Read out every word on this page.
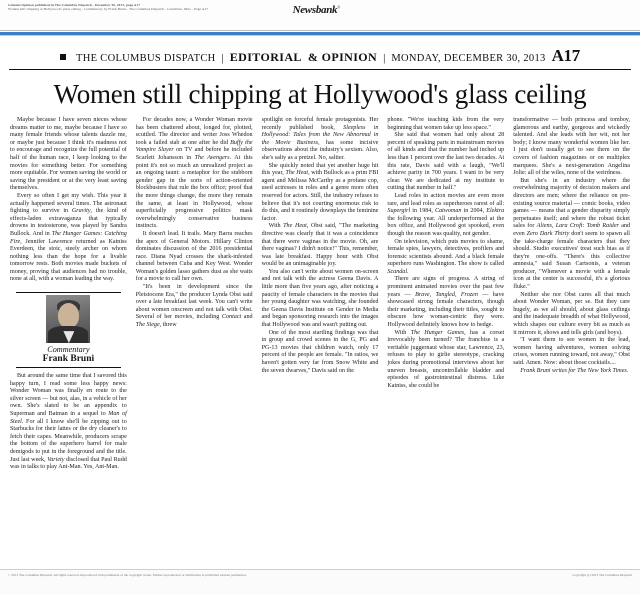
Column/Opinion published in The Columbus Dispatch - December 30, 2013, page A17
Women still chipping at Hollywood's glass ceiling - Commentary by Frank Bruni - The Columbus Dispatch - Columbus, Ohio - Page A17	Newsbank®
THE COLUMBUS DISPATCH | EDITORIAL & OPINION | MONDAY, DECEMBER 30, 2013 A17
Women still chipping at Hollywood's glass ceiling

Maybe because I have seven nieces whose dreams matter to me, maybe because I have so many female friends whose talents dazzle me, or maybe just because I think it's madness not to encourage and recognize the full potential of half of the human race, I keep looking to the movies for something better. For something more equitable. For women saving the world or saving the president or at the very least saving themselves.

Every so often I get my wish. This year it actually happened several times. The astronaut fighting to survive in Gravity, the kind of effects-laden extravaganza that typically drowns in testosterone, was played by Sandra Bullock. And in The Hunger Games: Catching Fire, Jennifer Lawrence returned as Katniss Everdeen, the stoic, steely archer on whom nothing less than the hope for a livable tomorrow rests. Both movies made buckets of money, proving that audiences had no trouble, none at all, with a woman leading the way.

Commentary
Frank Bruni

But around the same time that I savored this happy turn, I read some less happy news: Wonder Woman was finally en route to the silver screen — but not, alas, in a vehicle of her own. She's slated to be an appendix to Superman and Batman in a sequel to Man of Steel. For all I know she'll be zipping out to Starbucks for their lattes or the dry cleaner's to fetch their capes. Meanwhile, producers scrape the bottom of the superhero barrel for male demigods to put in the foreground and the title. Just last week, Variety disclosed that Paul Rudd was in talks to play Ant-Man. Yes, Ant-Man.

For decades now, a Wonder Woman movie has been chattered about, longed for, plotted, scuttled. The director and writer Joss Whedon took a failed stab at one after he did Buffy the Vampire Slayer on TV and before he included Scarlett Johansson in The Avengers. At this point it's not so much an unrealized project as an ongoing taunt: a metaphor for the stubborn gender gap in the sorts of action-oriented blockbusters that rule the box office; proof that the more things change, the more they remain the same, at least in Hollywood, whose superficially progressive politics mask overwhelmingly conservative business instincts.

It doesn't lead. It trails. Mary Barra reaches the apex of General Motors. Hillary Clinton dominates discussion of the 2016 presidential race. Diana Nyad crosses the shark-infested channel between Cuba and Key West. Wonder Woman's golden lasso gathers dust as she waits for a movie to call her own.

"It's been in development since the Pleistocene Era," the producer Lynda Obst said over a late breakfast last week. You can't write about women onscreen and not talk with Obst. Several of her movies, including Contact and The Siege, threw

spotlight on forceful female protagonists. Her recently published book, Sleepless in Hollywood: Tales from the New Abnormal in the Movie Business, has some incisive observations about the industry's sexism. Also, she's salty as a pretzel. No, saltier.

She quickly noted that yet another huge hit this year, The Heat, with Bullock as a prim FBI agent and Melissa McCarthy as a profane cop, used actresses in roles and a genre more often reserved for actors. Still, the industry refuses to believe that it's not courting enormous risk to do this, and it routinely downplays the feminine factor.

With The Heat, Obst said, "The marketing directive was clearly that it was a coincidence that there were vaginas in the movie. Oh, are there vaginas? I didn't notice!" This, remember, was late breakfast. Happy hour with Obst would be an unimaginable joy.

You also can't write about women on-screen and not talk with the actress Geena Davis. A little more than five years ago, after noticing a paucity of female characters in the movies that her young daughter was watching, she founded the Geena Davis Institute on Gender in Media and began sponsoring research into the images that Hollywood was and wasn't putting out.

One of the most startling findings was that in group and crowd scenes in the G, PG and PG-13 movies that children watch, only 17 percent of the people are female. "In ratios, we haven't gotten very far from Snow White and the seven dwarves," Davis said on the

phone. "We're teaching kids from the very beginning that women take up less space."

She said that women had only about 28 percent of speaking parts in mainstream movies of all kinds and that the number had inched up less than 1 percent over the last two decades. At this rate, Davis said with a laugh, "We'll achieve parity in 700 years. I want to be very clear. We are dedicated at my institute to cutting that number in half."

Lead roles in action movies are even more rare, and lead roles as superheroes rarest of all: Supergirl in 1984, Catwoman in 2004, Elektra the following year. All underperformed at the box office, and Hollywood got spooked, even though the reason was quality, not gender.

On television, which puts movies to shame, female spies, lawyers, detectives, profilers and forensic scientists abound. And a black female superhero runs Washington. The show is called Scandal.

There are signs of progress. A string of prominent animated movies over the past few years — Brave, Tangled, Frozen — have showcased strong female characters, though their marketing, including their titles, sought to obscure how woman-centric they were. Hollywood definitely knows how to hedge.

With The Hunger Games, has a corset irrevocably been turned? The franchise is a veritable juggernaut whose star, Lawrence, 23, refuses to play to girlie stereotype, cracking jokes during promotional interviews about her uneven breasts, uncontrollable bladder and episodes of gastrointestinal distress. Like Katniss, she could be

transformative — both princess and tomboy, glamorous and earthy, gorgeous and wickedly talented. And she leads with her wit, not her body; I know many wonderful women like her. I just don't usually get to see them on the covers of fashion magazines or on multiplex marquees. She's a next-generation Angelina Jolie: all of the wiles, none of the weirdness.

But she's in an industry where the overwhelming majority of decision makers and directors are men; where the reliance on pre-existing source material — comic books, video games — means that a gender disparity simply perpetuates itself; and where the robust ticket sales for Aliens, Lara Croft: Tomb Raider and even Zero Dark Thirty don't seem to spawn all the take-charge female characters that they should. Studio executives' treat such bias as if they're one-offs. "There's this collective amnesia," said Susan Cartsonis, a veteran producer, "Whenever a movie with a female icon at the center is successful, it's a glorious fluke."

Neither she nor Obst cares all that much about Wonder Woman, per se. But they care hugely, as we all should, about glass ceilings and the inadequate breadth of what Hollywood, which shapes our culture every bit as much as it mirrors it, shows and tells girls (and boys).

"I want them to see women in the lead, women having adventures, women solving crises, women running toward, not away," Obst said. Amen. Now: about those cocktails....

Frank Bruni writes for The New York Times.

© 2013 The Columbus Dispatch. All rights reserved. Reproduced with permission of the copyright owner. Further reproduction or distribution is prohibited without permission.	Copyright (c) 2013 The Columbus Dispatch
